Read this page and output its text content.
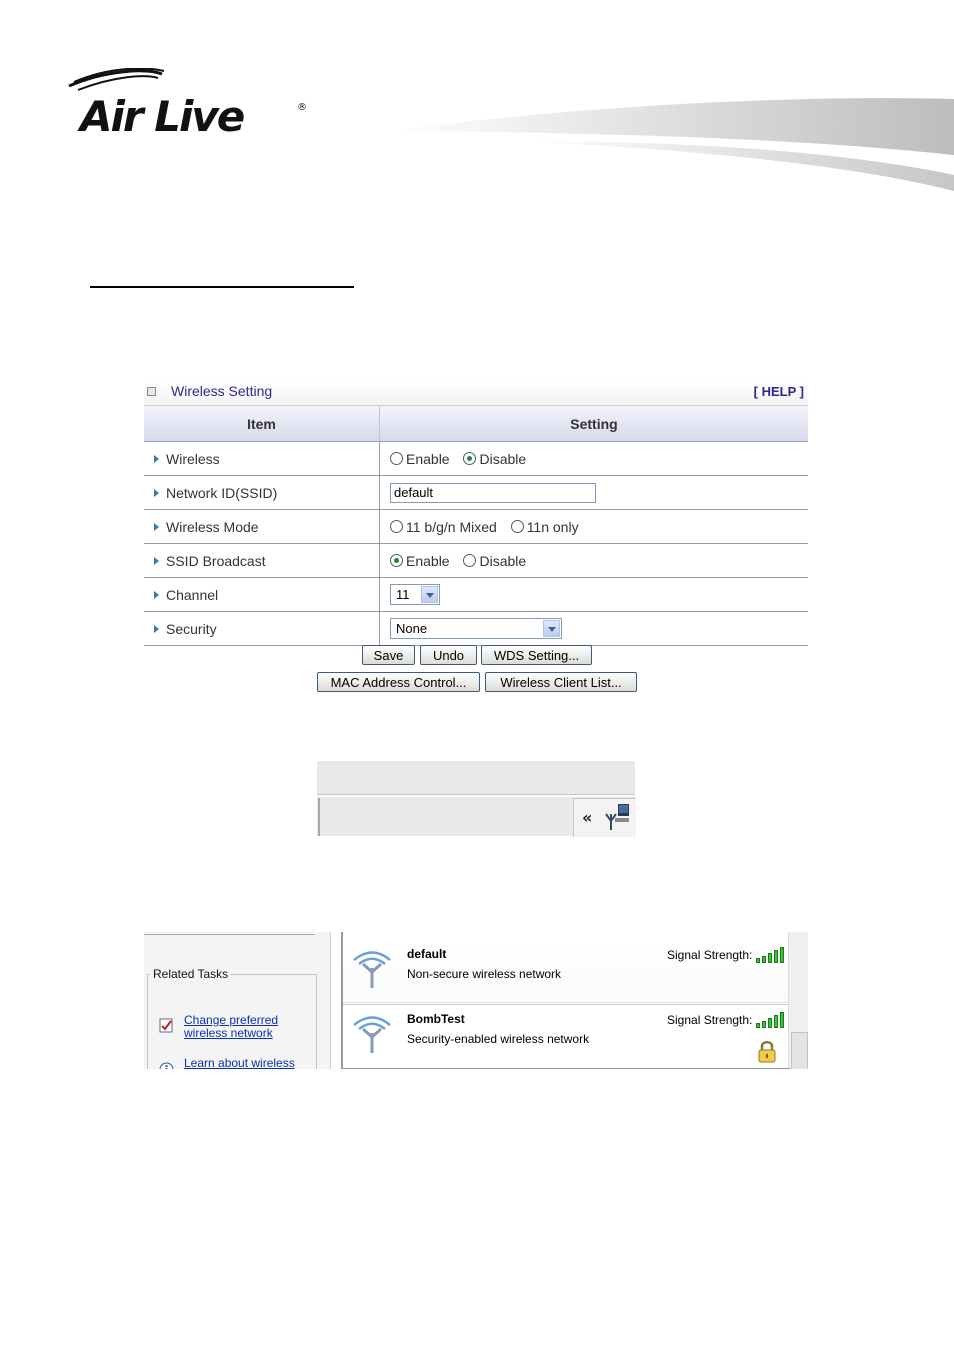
Air Live	®
Wireless Setting	[ HELP ]
Item	Setting
Wireless	Enable Disable
Network ID(SSID)	default
Wireless Mode	11 b/g/n Mixed 11n only
SSID Broadcast	Enable Disable
Channel	11

Security	None
Save	Undo	WDS Setting...
MAC Address Control...	Wireless Client List...
«
Related Tasks
Change preferred
wireless network
Learn about wireless
default
Non-secure wireless network
Signal Strength:
BombTest
Security-enabled wireless network
Signal Strength:
